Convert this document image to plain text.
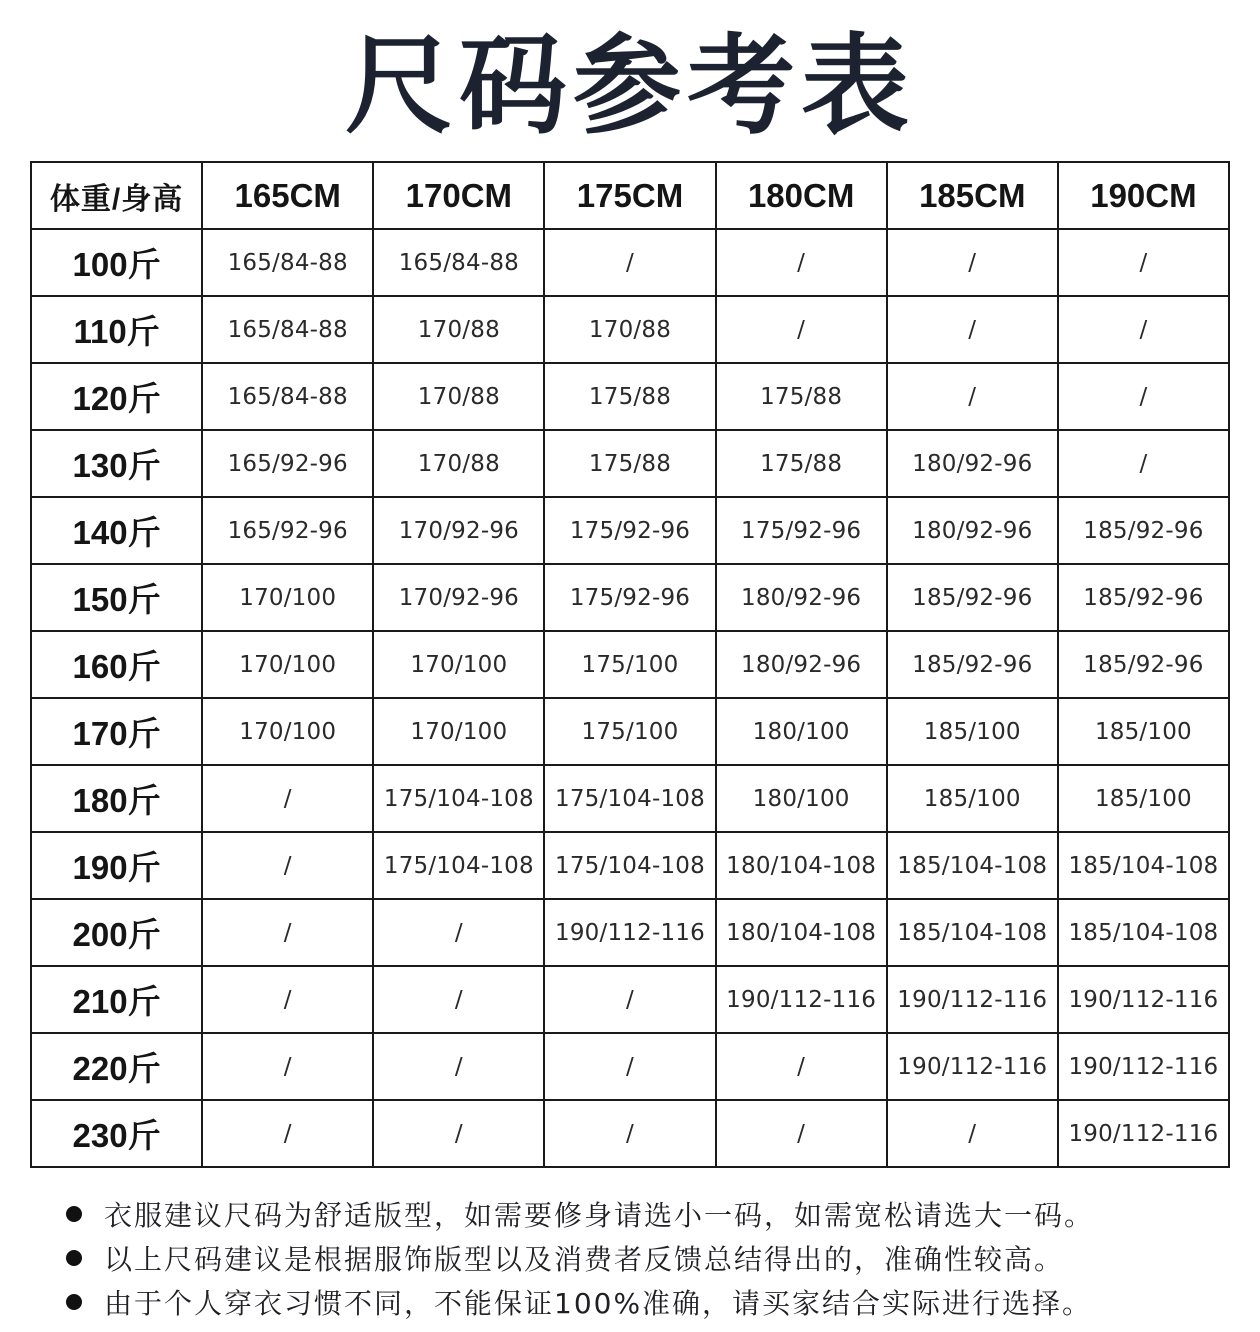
尺码参考表
体重/身高	165CM	170CM	175CM	180CM	185CM	190CM
100斤	165/84-88	165/84-88	/	/	/	/
110斤	165/84-88	170/88	170/88	/	/	/
120斤	165/84-88	170/88	175/88	175/88	/	/
130斤	165/92-96	170/88	175/88	175/88	180/92-96	/
140斤	165/92-96	170/92-96	175/92-96	175/92-96	180/92-96	185/92-96
150斤	170/100	170/92-96	175/92-96	180/92-96	185/92-96	185/92-96
160斤	170/100	170/100	175/100	180/92-96	185/92-96	185/92-96
170斤	170/100	170/100	175/100	180/100	185/100	185/100
180斤	/	175/104-108	175/104-108	180/100	185/100	185/100
190斤	/	175/104-108	175/104-108	180/104-108	185/104-108	185/104-108
200斤	/	/	190/112-116	180/104-108	185/104-108	185/104-108
210斤	/	/	/	190/112-116	190/112-116	190/112-116
220斤	/	/	/	/	190/112-116	190/112-116
230斤	/	/	/	/	/	190/112-116
衣服建议尺码为舒适版型，如需要修身请选小一码，如需宽松请选大一码。
以上尺码建议是根据服饰版型以及消费者反馈总结得出的，准确性较高。
由于个人穿衣习惯不同，不能保证100%准确，请买家结合实际进行选择。
